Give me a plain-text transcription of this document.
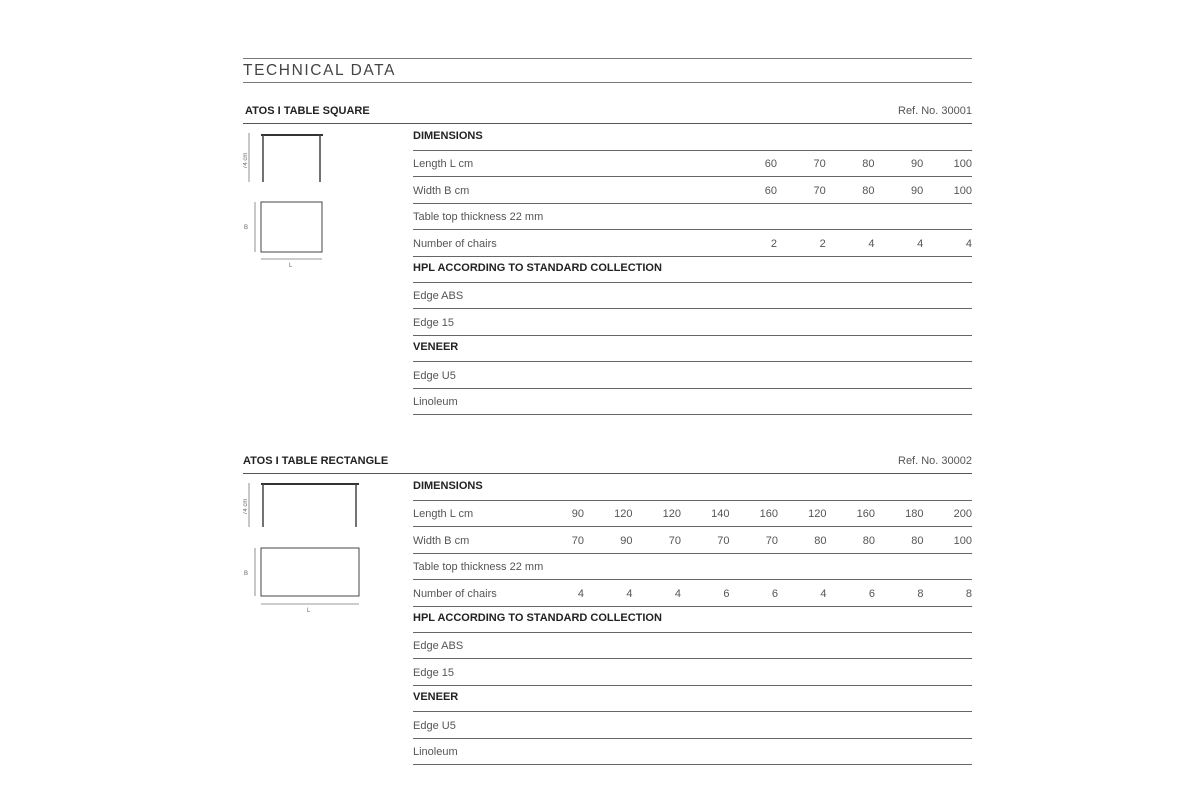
TECHNICAL DATA
ATOS I TABLE SQUARE	Ref. No. 30001
74 cm
B
L
DIMENSIONS
Length L cm	60	70	80	90	100
Width B cm	60	70	80	90	100
Table top thickness 22 mm
Number of chairs	2	2	4	4	4
HPL ACCORDING TO STANDARD COLLECTION
Edge ABS
Edge 15
VENEER
Edge U5
Linoleum
ATOS I TABLE RECTANGLE	Ref. No. 30002
74 cm
B
L
DIMENSIONS
Length L cm	90	120	120	140	160	120	160	180	200
Width B cm	70	90	70	70	70	80	80	80	100
Table top thickness 22 mm
Number of chairs	4	4	4	6	6	4	6	8	8
HPL ACCORDING TO STANDARD COLLECTION
Edge ABS
Edge 15
VENEER
Edge U5
Linoleum
